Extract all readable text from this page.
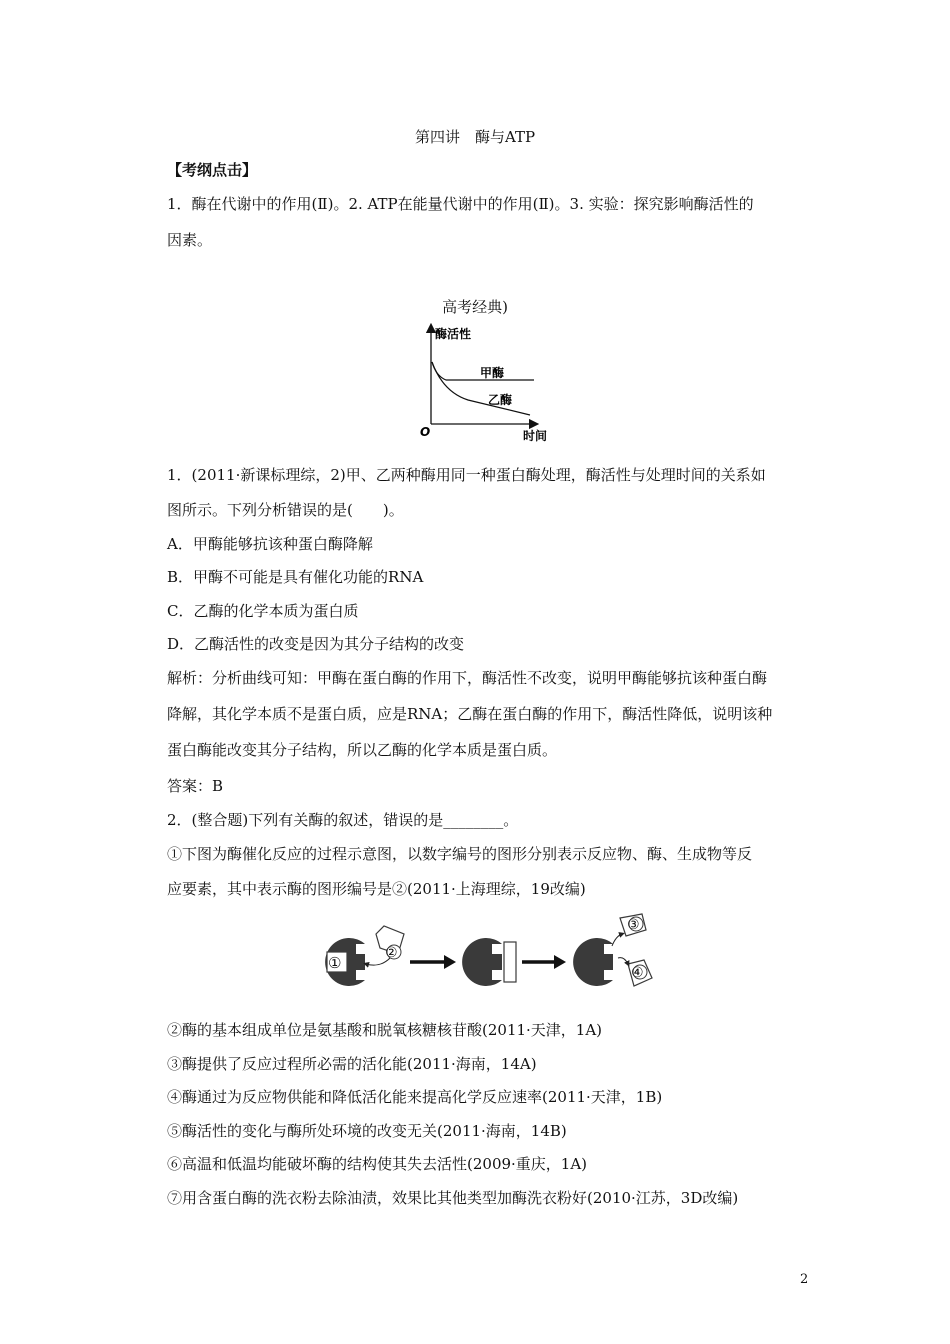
第四讲　酶与ATP
【考纲点击】
1．酶在代谢中的作用(Ⅱ)。2. ATP在能量代谢中的作用(Ⅱ)。3. 实验：探究影响酶活性的
因素。
高考经典)
酶活性
甲酶
乙酶
O	时间
1．(2011·新课标理综，2)甲、乙两种酶用同一种蛋白酶处理，酶活性与处理时间的关系如
图所示。下列分析错误的是(　　)。
A．甲酶能够抗该种蛋白酶降解
B．甲酶不可能是具有催化功能的RNA
C．乙酶的化学本质为蛋白质
D．乙酶活性的改变是因为其分子结构的改变
解析：分析曲线可知：甲酶在蛋白酶的作用下，酶活性不改变，说明甲酶能够抗该种蛋白酶
降解，其化学本质不是蛋白质，应是RNA；乙酶在蛋白酶的作用下，酶活性降低，说明该种
蛋白酶能改变其分子结构，所以乙酶的化学本质是蛋白质。
答案：B
2．(整合题)下列有关酶的叙述，错误的是________。
①下图为酶催化反应的过程示意图，以数字编号的图形分别表示反应物、酶、生成物等反
应要素，其中表示酶的图形编号是②(2011·上海理综，19改编)
①
②
③
④
②酶的基本组成单位是氨基酸和脱氧核糖核苷酸(2011·天津，1A)
③酶提供了反应过程所必需的活化能(2011·海南，14A)
④酶通过为反应物供能和降低活化能来提高化学反应速率(2011·天津，1B)
⑤酶活性的变化与酶所处环境的改变无关(2011·海南，14B)
⑥高温和低温均能破坏酶的结构使其失去活性(2009·重庆，1A)
⑦用含蛋白酶的洗衣粉去除油渍，效果比其他类型加酶洗衣粉好(2010·江苏，3D改编)
2
